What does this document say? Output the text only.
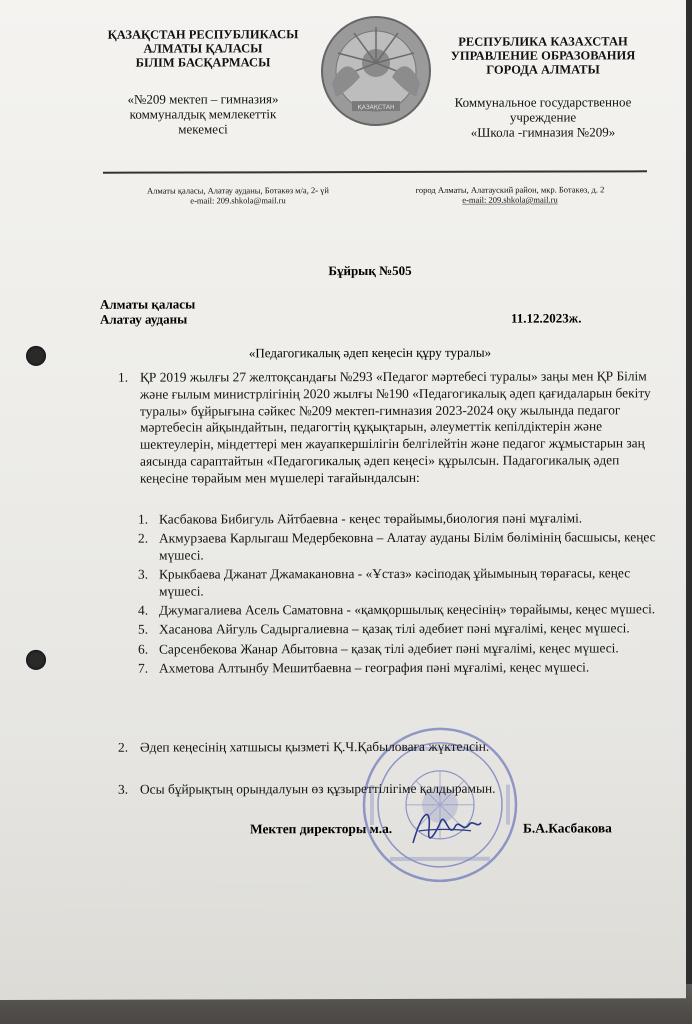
ҚАЗАҚСТАН РЕСПУБЛИКАСЫ
АЛМАТЫ ҚАЛАСЫ
БІЛІМ БАСҚАРМАСЫ
«№209 мектеп – гимназия»
коммуналдық мемлекеттік
мекемесі
ҚАЗАҚСТАН
РЕСПУБЛИКА КАЗАХСТАН
УПРАВЛЕНИЕ ОБРАЗОВАНИЯ
ГОРОДА АЛМАТЫ
Коммунальное государственное
учреждение
«Школа -гимназия №209»
Алматы қаласы, Алатау ауданы, Ботакөз м/а, 2- үй
e-mail: 209.shkola@mail.ru
город Алматы, Алатауский район, мкр. Ботакөз, д. 2
e-mail: 209.shkola@mail.ru
Бұйрық №505
Алматы қаласы
Алатау ауданы	11.12.2023ж.
«Педагогикалық әдеп кеңесін құру туралы»
1. ҚР 2019 жылғы 27 желтоқсандағы №293 «Педагог мәртебесі туралы» заңы мен ҚР Білім және ғылым министрлігінің 2020 жылғы №190 «Педагогикалық әдеп қағидаларын бекіту туралы» бұйрығына сәйкес №209 мектеп-гимназия 2023-2024 оқу жылында педагог мәртебесін айқындайтын, педагогтің құқықтарын, әлеуметтік кепілдіктерін және шектеулерін, міндеттері мен жауапкершілігін белгілейтін және педагог жұмыстарын заң аясында сараптайтын «Педагогикалық әдеп кеңесі» құрылсын. Падагогикалық әдеп кеңесіне төрайым мен мүшелері тағайындалсын:
1. Касбакова Бибигуль Айтбаевна - кеңес төрайымы,биология пәні мұғалімі.
2. Акмурзаева Карлыгаш Медербековна – Алатау ауданы Білім бөлімінің басшысы, кеңес мүшесі.
3. Крыкбаева Джанат Джамакановна - «Ұстаз» кәсіподақ ұйымының төрағасы, кеңес мүшесі.
4. Джумагалиева Асель Саматовна - «қамқоршылық кеңесінің» төрайымы, кеңес мүшесі.
5. Хасанова Айгуль Садыргалиевна – қазақ тілі әдебиет пәні мұғалімі, кеңес мүшесі.
6. Сарсенбекова Жанар Абытовна – қазақ тілі әдебиет пәні мұғалімі, кеңес мүшесі.
7. Ахметова Алтынбу Мешитбаевна – география пәні мұғалімі, кеңес мүшесі.
2. Әдеп кеңесінің хатшысы қызметі Қ.Ч.Қабыловаға жүктелсін.
3. Осы бұйрықтың орындалуын өз құзыреттілігіме қалдырамын.
Мектеп директоры м.а.	Б.А.Касбакова
